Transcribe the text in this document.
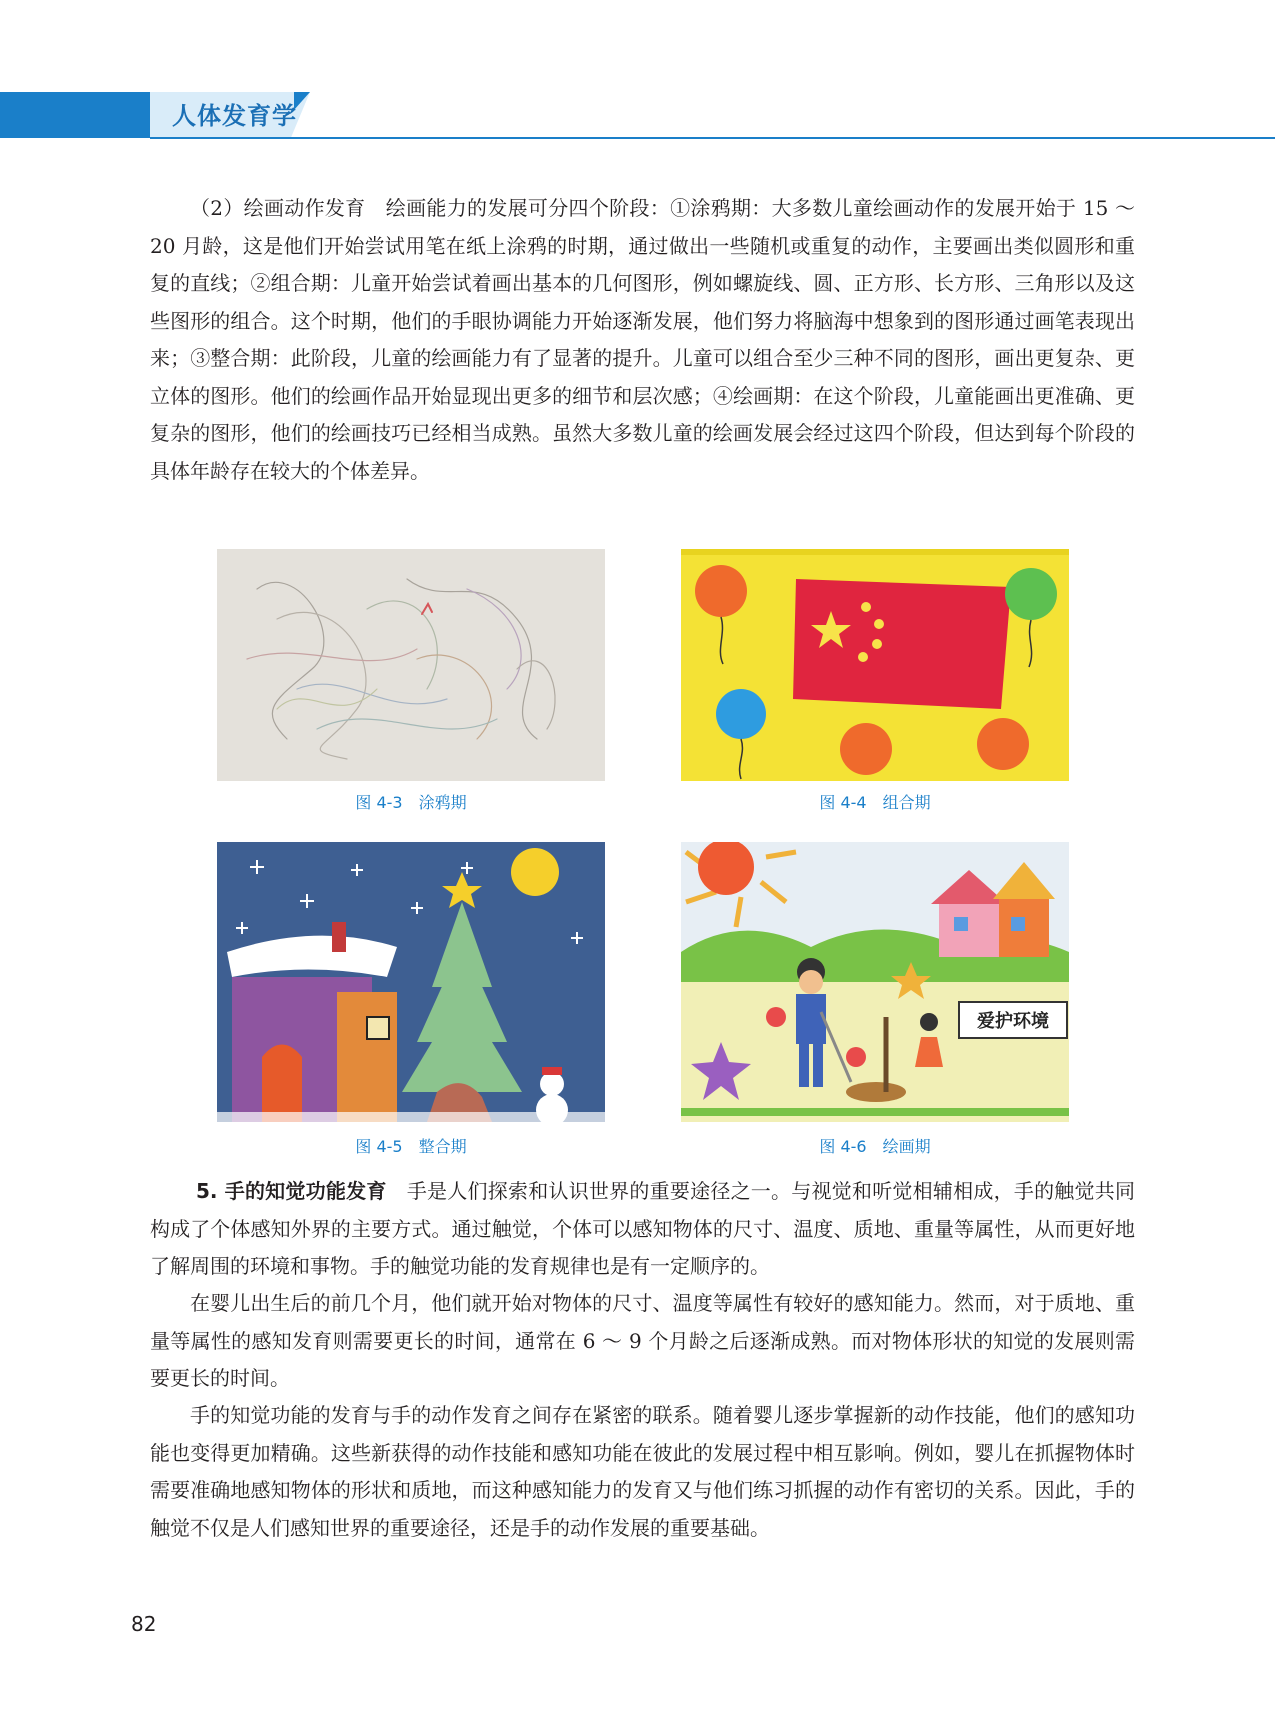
人体发育学

（2）绘画动作发育　绘画能力的发展可分四个阶段：①涂鸦期：大多数儿童绘画动作的发展开始于 15 ～ 20 月龄，这是他们开始尝试用笔在纸上涂鸦的时期，通过做出一些随机或重复的动作，主要画出类似圆形和重复的直线；②组合期：儿童开始尝试着画出基本的几何图形，例如螺旋线、圆、正方形、长方形、三角形以及这些图形的组合。这个时期，他们的手眼协调能力开始逐渐发展，他们努力将脑海中想象到的图形通过画笔表现出来；③整合期：此阶段，儿童的绘画能力有了显著的提升。儿童可以组合至少三种不同的图形，画出更复杂、更立体的图形。他们的绘画作品开始显现出更多的细节和层次感；④绘画期：在这个阶段，儿童能画出更准确、更复杂的图形，他们的绘画技巧已经相当成熟。虽然大多数儿童的绘画发展会经过这四个阶段，但达到每个阶段的具体年龄存在较大的个体差异。

图 4-3　涂鸦期	图 4-4　组合期
图 4-5　整合期
爱护环境
图 4-6　绘画期

5. 手的知觉功能发育　手是人们探索和认识世界的重要途径之一。与视觉和听觉相辅相成，手的触觉共同构成了个体感知外界的主要方式。通过触觉，个体可以感知物体的尺寸、温度、质地、重量等属性，从而更好地了解周围的环境和事物。手的触觉功能的发育规律也是有一定顺序的。

在婴儿出生后的前几个月，他们就开始对物体的尺寸、温度等属性有较好的感知能力。然而，对于质地、重量等属性的感知发育则需要更长的时间，通常在 6 ～ 9 个月龄之后逐渐成熟。而对物体形状的知觉的发展则需要更长的时间。

手的知觉功能的发育与手的动作发育之间存在紧密的联系。随着婴儿逐步掌握新的动作技能，他们的感知功能也变得更加精确。这些新获得的动作技能和感知功能在彼此的发展过程中相互影响。例如，婴儿在抓握物体时需要准确地感知物体的形状和质地，而这种感知能力的发育又与他们练习抓握的动作有密切的关系。因此，手的触觉不仅是人们感知世界的重要途径，还是手的动作发展的重要基础。

82
